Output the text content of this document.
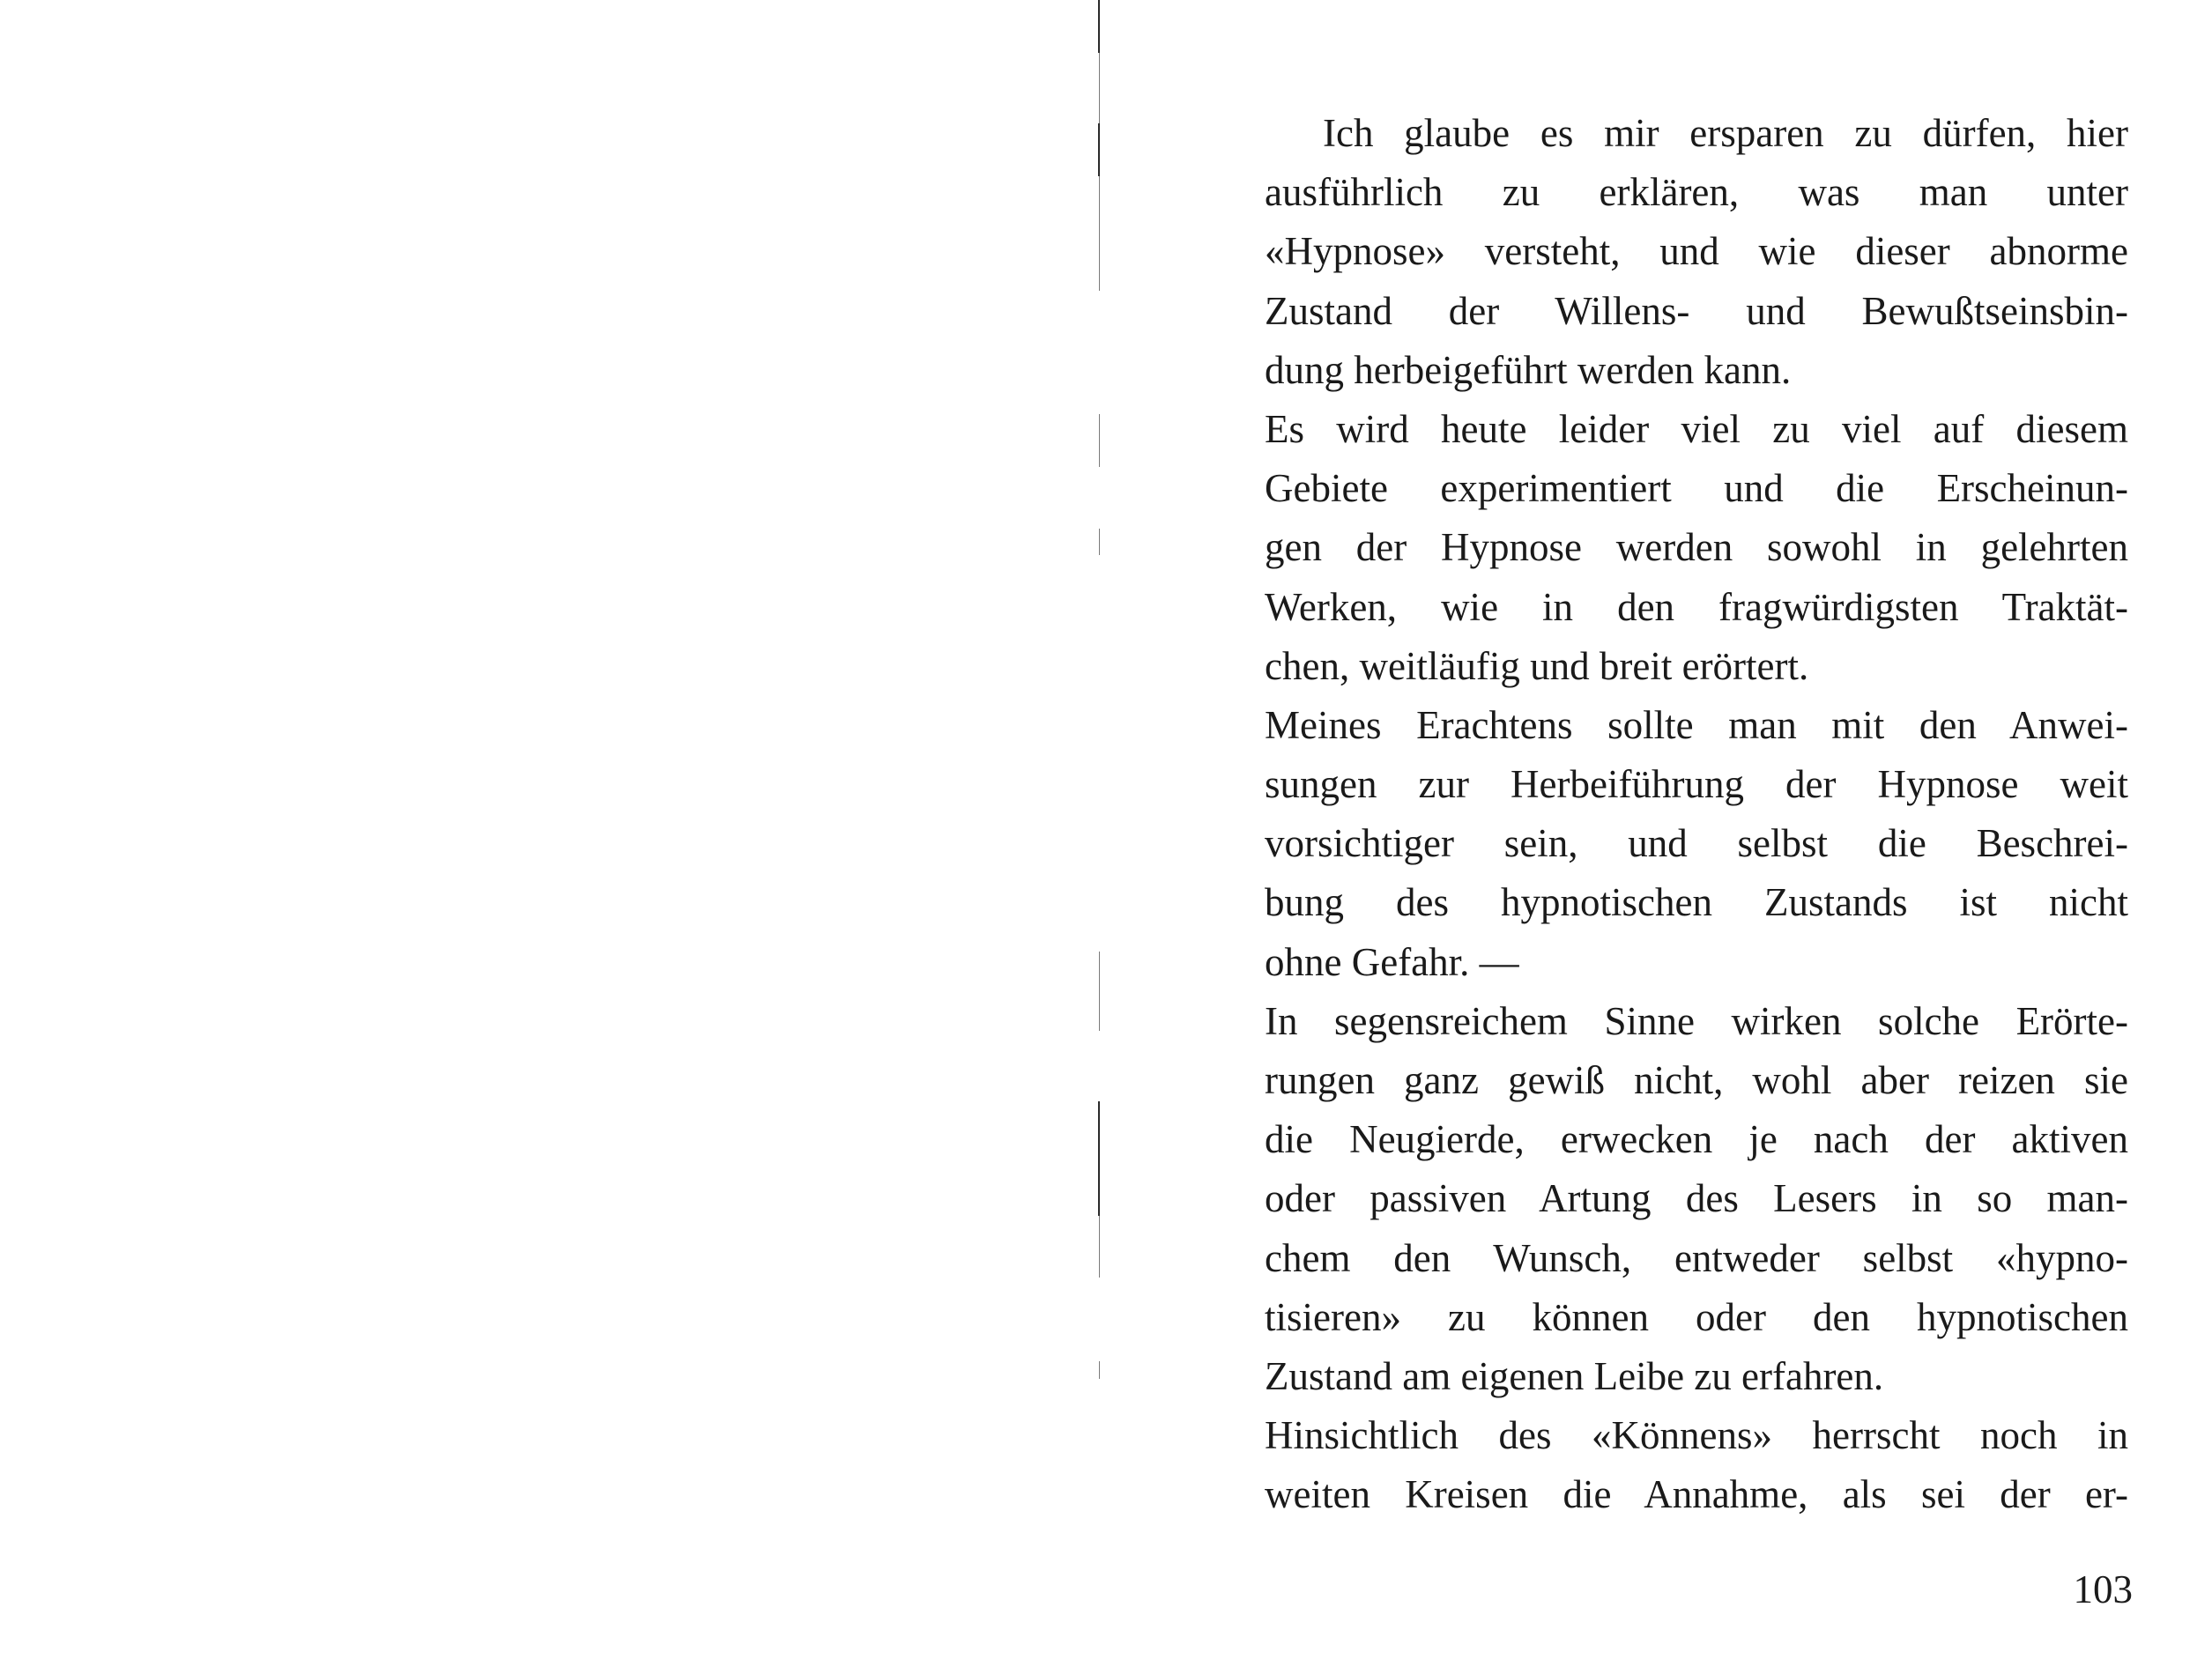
Ich glaube es mir ersparen zu dürfen, hier
ausführlich zu erklären, was man unter
«Hypnose» versteht, und wie dieser abnorme
Zustand der Willens- und Bewußtseinsbin-
dung herbeigeführt werden kann.
Es wird heute leider viel zu viel auf diesem
Gebiete experimentiert und die Erscheinun-
gen der Hypnose werden sowohl in gelehrten
Werken, wie in den fragwürdigsten Traktät-
chen, weitläufig und breit erörtert.
Meines Erachtens sollte man mit den Anwei-
sungen zur Herbeiführung der Hypnose weit
vorsichtiger sein, und selbst die Beschrei-
bung des hypnotischen Zustands ist nicht
ohne Gefahr. —
In segensreichem Sinne wirken solche Erörte-
rungen ganz gewiß nicht, wohl aber reizen sie
die Neugierde, erwecken je nach der aktiven
oder passiven Artung des Lesers in so man-
chem den Wunsch, entweder selbst «hypno-
tisieren» zu können oder den hypnotischen
Zustand am eigenen Leibe zu erfahren.
Hinsichtlich des «Könnens» herrscht noch in
weiten Kreisen die Annahme, als sei der er-
103
